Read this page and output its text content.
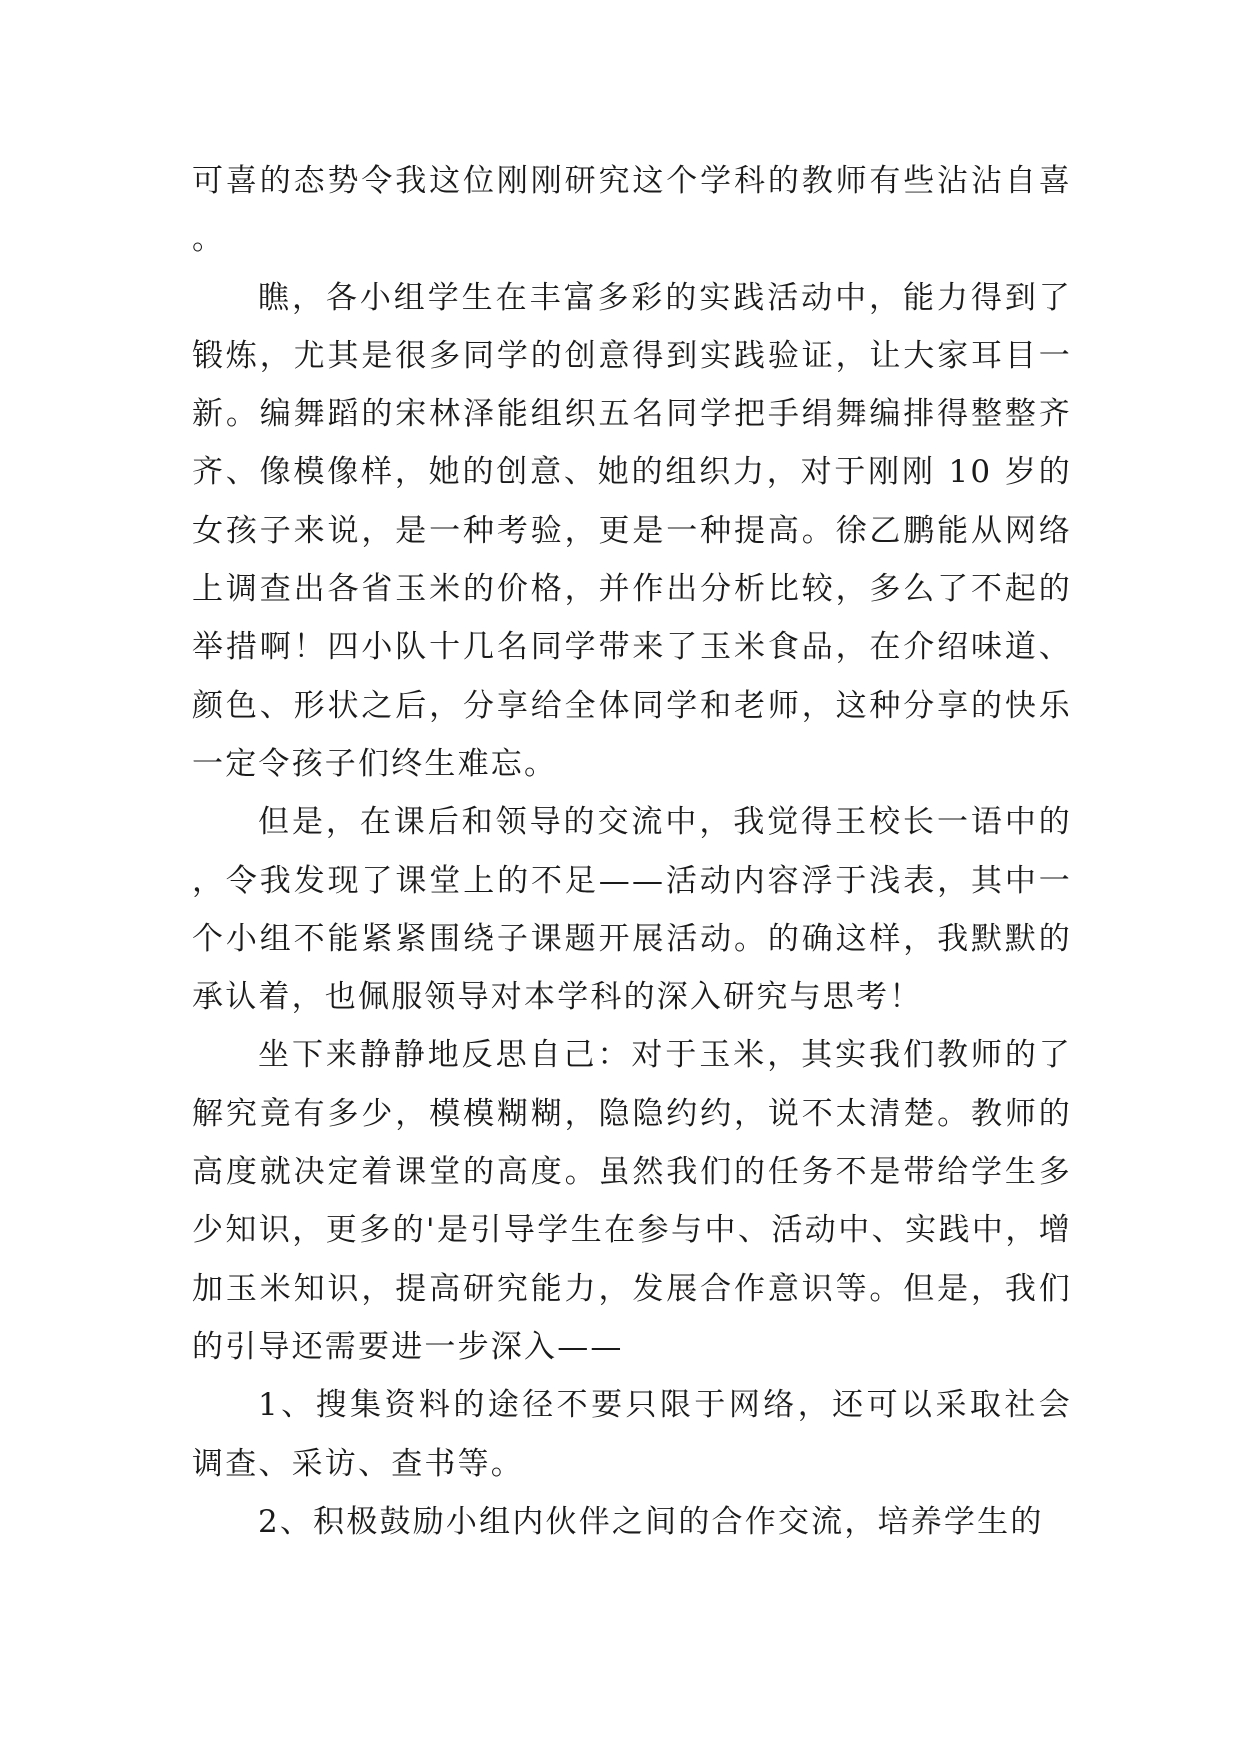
可喜的态势令我这位刚刚研究这个学科的教师有些沾沾自喜。

瞧，各小组学生在丰富多彩的实践活动中，能力得到了锻炼，尤其是很多同学的创意得到实践验证，让大家耳目一新。编舞蹈的宋林泽能组织五名同学把手绢舞编排得整整齐齐、像模像样，她的创意、她的组织力，对于刚刚 10 岁的女孩子来说，是一种考验，更是一种提高。徐乙鹏能从网络上调查出各省玉米的价格，并作出分析比较，多么了不起的举措啊！四小队十几名同学带来了玉米食品，在介绍味道、颜色、形状之后，分享给全体同学和老师，这种分享的快乐一定令孩子们终生难忘。

但是，在课后和领导的交流中，我觉得王校长一语中的，令我发现了课堂上的不足——活动内容浮于浅表，其中一个小组不能紧紧围绕子课题开展活动。的确这样，我默默的承认着，也佩服领导对本学科的深入研究与思考！

坐下来静静地反思自己：对于玉米，其实我们教师的了解究竟有多少，模模糊糊，隐隐约约，说不太清楚。教师的高度就决定着课堂的高度。虽然我们的任务不是带给学生多少知识，更多的'是引导学生在参与中、活动中、实践中，增加玉米知识，提高研究能力，发展合作意识等。但是，我们的引导还需要进一步深入——

1、搜集资料的途径不要只限于网络，还可以采取社会调查、采访、查书等。

2、积极鼓励小组内伙伴之间的合作交流，培养学生的
